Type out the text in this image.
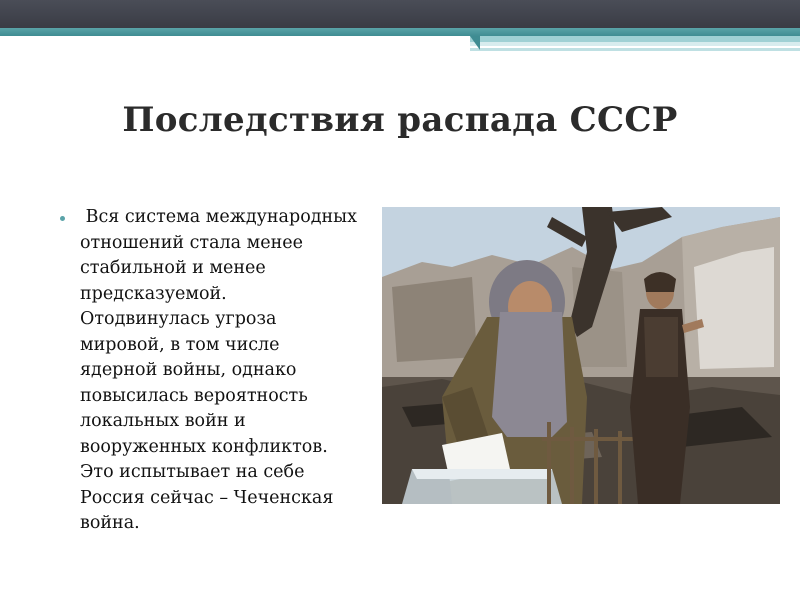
Последствия распада СССР
Вся система международных
отношений стала менее
стабильной и менее
предсказуемой.
Отодвинулась угроза
мировой, в том числе
ядерной войны, однако
повысилась вероятность
локальных войн и
вооруженных конфликтов.
Это испытывает на себе
Россия сейчас – Чеченская
война.
